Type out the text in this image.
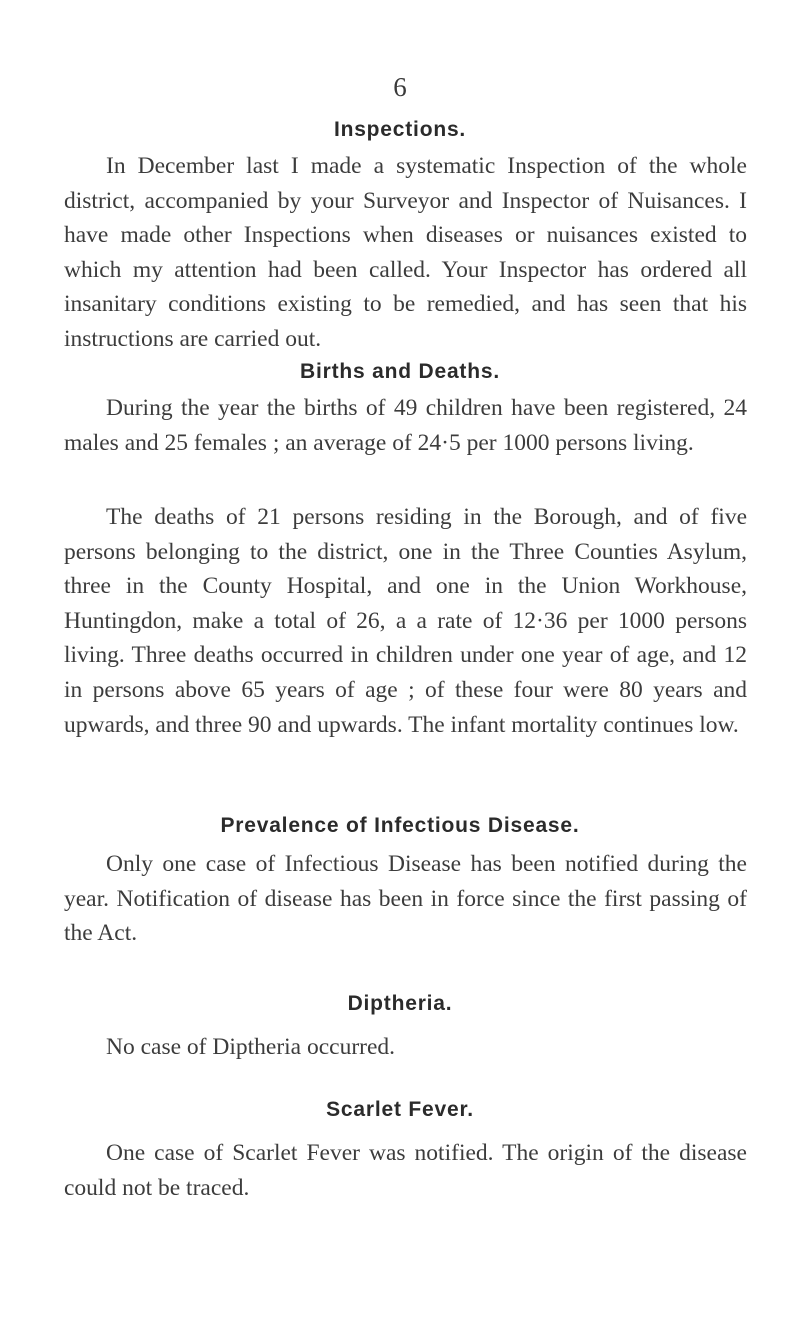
6
Inspections.
In December last I made a systematic Inspection of the whole district, accompanied by your Surveyor and Inspector of Nuisances. I have made other Inspections when diseases or nuisances existed to which my attention had been called. Your Inspector has ordered all insanitary conditions existing to be remedied, and has seen that his instructions are carried out.
Births and Deaths.
During the year the births of 49 children have been registered, 24 males and 25 females ; an average of 24·5 per 1000 persons living.
The deaths of 21 persons residing in the Borough, and of five persons belonging to the district, one in the Three Counties Asylum, three in the County Hospital, and one in the Union Workhouse, Huntingdon, make a total of 26, a a rate of 12·36 per 1000 persons living. Three deaths occurred in children under one year of age, and 12 in persons above 65 years of age ; of these four were 80 years and upwards, and three 90 and upwards. The infant mortality continues low.
Prevalence of Infectious Disease.
Only one case of Infectious Disease has been notified during the year. Notification of disease has been in force since the first passing of the Act.
Diptheria.
No case of Diptheria occurred.
Scarlet Fever.
One case of Scarlet Fever was notified. The origin of the disease could not be traced.
